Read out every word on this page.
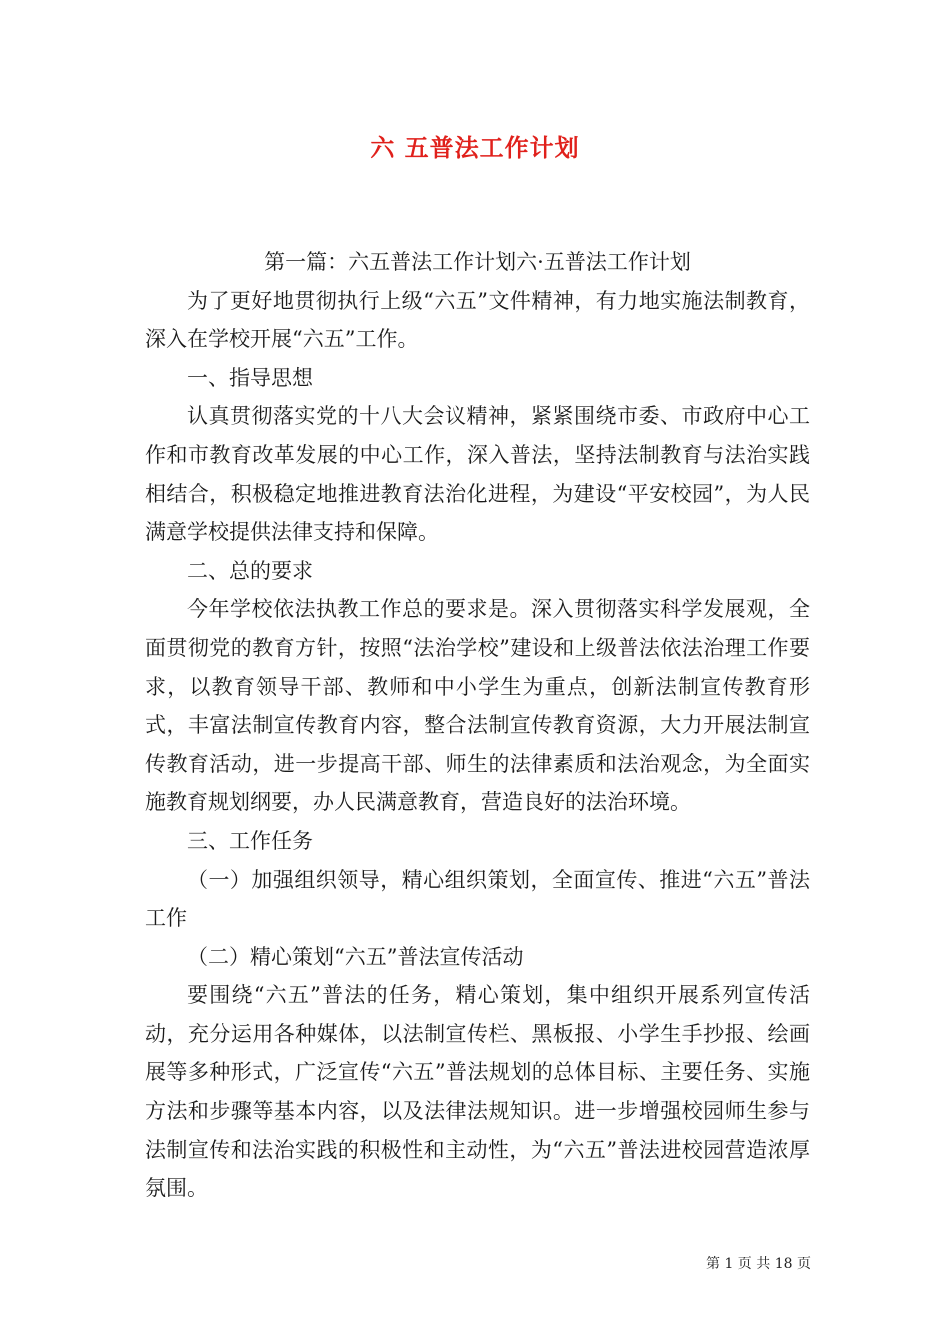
六 五普法工作计划

第一篇：六五普法工作计划六·五普法工作计划

为了更好地贯彻执行上级“六五”文件精神，有力地实施法制教育，深入在学校开展“六五”工作。

一、指导思想

认真贯彻落实党的十八大会议精神，紧紧围绕市委、市政府中心工作和市教育改革发展的中心工作，深入普法，坚持法制教育与法治实践相结合，积极稳定地推进教育法治化进程，为建设“平安校园”，为人民满意学校提供法律支持和保障。

二、总的要求

今年学校依法执教工作总的要求是。深入贯彻落实科学发展观，全面贯彻党的教育方针，按照“法治学校”建设和上级普法依法治理工作要求，以教育领导干部、教师和中小学生为重点，创新法制宣传教育形式，丰富法制宣传教育内容，整合法制宣传教育资源，大力开展法制宣传教育活动，进一步提高干部、师生的法律素质和法治观念，为全面实施教育规划纲要，办人民满意教育，营造良好的法治环境。

三、工作任务

（一）加强组织领导，精心组织策划，全面宣传、推进“六五”普法工作

（二）精心策划“六五”普法宣传活动

要围绕“六五”普法的任务，精心策划，集中组织开展系列宣传活动，充分运用各种媒体，以法制宣传栏、黑板报、小学生手抄报、绘画展等多种形式，广泛宣传“六五”普法规划的总体目标、主要任务、实施方法和步骤等基本内容，以及法律法规知识。进一步增强校园师生参与法制宣传和法治实践的积极性和主动性，为“六五”普法进校园营造浓厚氛围。

第 1 页 共 18 页
